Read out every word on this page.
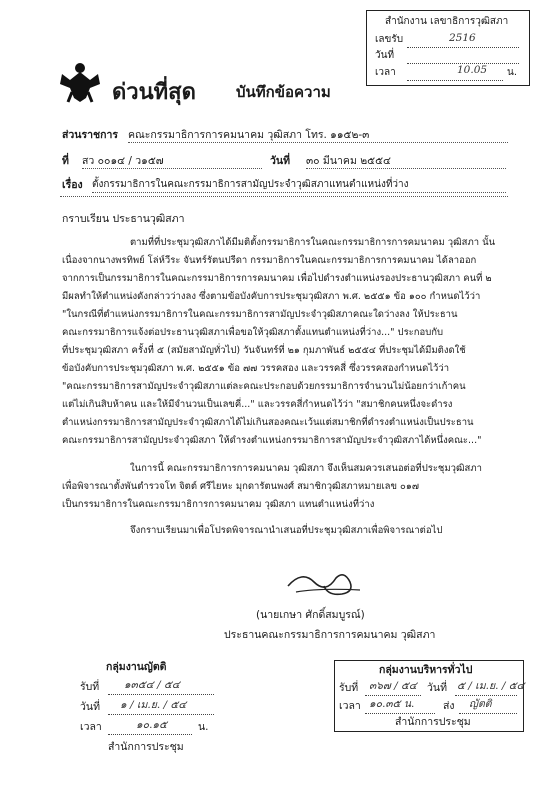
สำนักงาน เลขาธิการวุฒิสภา
เลขรับ	2516
วันที่
เวลา	10.05 น.
ด่วนที่สุด	บันทึกข้อความ
ส่วนราชการ คณะกรรมาธิการการคมนาคม วุฒิสภา โทร. ๑๑๕๒-๓
ที่ สว ๐๐๑๔ / ว๑๕๗	วันที่ ๓๐ มีนาคม ๒๕๕๔
เรื่อง ตั้งกรรมาธิการในคณะกรรมาธิการสามัญประจำวุฒิสภาแทนตำแหน่งที่ว่าง
กราบเรียน ประธานวุฒิสภา
ตามที่ที่ประชุมวุฒิสภาได้มีมติตั้งกรรมาธิการในคณะกรรมาธิการการคมนาคม วุฒิสภา นั้น
เนื่องจากนางพรทิพย์ โล่ห์วีระ จันทร์รัตนปรีดา กรรมาธิการในคณะกรรมาธิการการคมนาคม ได้ลาออก
จากการเป็นกรรมาธิการในคณะกรรมาธิการการคมนาคม เพื่อไปดำรงตำแหน่งรองประธานวุฒิสภา คนที่ ๒
มีผลทำให้ตำแหน่งดังกล่าวว่างลง ซึ่งตามข้อบังคับการประชุมวุฒิสภา พ.ศ. ๒๕๕๑ ข้อ ๑๐๐ กำหนดไว้ว่า
"ในกรณีที่ตำแหน่งกรรมาธิการในคณะกรรมาธิการสามัญประจำวุฒิสภาคณะใดว่างลง ให้ประธาน
คณะกรรมาธิการแจ้งต่อประธานวุฒิสภาเพื่อขอให้วุฒิสภาตั้งแทนตำแหน่งที่ว่าง..." ประกอบกับ
ที่ประชุมวุฒิสภา ครั้งที่ ๕ (สมัยสามัญทั่วไป) วันจันทร์ที่ ๒๑ กุมภาพันธ์ ๒๕๕๔ ที่ประชุมได้มีมติงดใช้
ข้อบังคับการประชุมวุฒิสภา พ.ศ. ๒๕๕๑ ข้อ ๗๗ วรรคสอง และวรรคสี่ ซึ่งวรรคสองกำหนดไว้ว่า
"คณะกรรมาธิการสามัญประจำวุฒิสภาแต่ละคณะประกอบด้วยกรรมาธิการจำนวนไม่น้อยกว่าเก้าคน
แต่ไม่เกินสิบห้าคน และให้มีจำนวนเป็นเลขคี่..." และวรรคสี่กำหนดไว้ว่า "สมาชิกคนหนึ่งจะดำรง
ตำแหน่งกรรมาธิการสามัญประจำวุฒิสภาได้ไม่เกินสองคณะเว้นแต่สมาชิกที่ดำรงตำแหน่งเป็นประธาน
คณะกรรมาธิการสามัญประจำวุฒิสภา ให้ดำรงตำแหน่งกรรมาธิการสามัญประจำวุฒิสภาได้หนึ่งคณะ..."
ในการนี้ คณะกรรมาธิการการคมนาคม วุฒิสภา จึงเห็นสมควรเสนอต่อที่ประชุมวุฒิสภา
เพื่อพิจารณาตั้งพันตำรวจโท จิตต์ ศรีไยหะ มุกดารัตนพงศ์ สมาชิกวุฒิสภาหมายเลข ๐๑๗
เป็นกรรมาธิการในคณะกรรมาธิการการคมนาคม วุฒิสภา แทนตำแหน่งที่ว่าง
จึงกราบเรียนมาเพื่อโปรดพิจารณานำเสนอที่ประชุมวุฒิสภาเพื่อพิจารณาต่อไป
(นายเกษา ศักดิ์สมบูรณ์)
ประธานคณะกรรมาธิการการคมนาคม วุฒิสภา
กลุ่มงานญัตติ
รับที่ ๑๓๕๔ / ๕๔
วันที่ ๑ / เม.ย. / ๕๔
เวลา	๑๐.๑๕	น.
สำนักการประชุม
กลุ่มงานบริหารทั่วไป
รับที่ ๓๖๗ / ๕๔ วันที่ ๕ / เม.ย. / ๕๔
เวลา ๑๐.๓๕ น.	ส่ง ญัตติ
สำนักการประชุม
